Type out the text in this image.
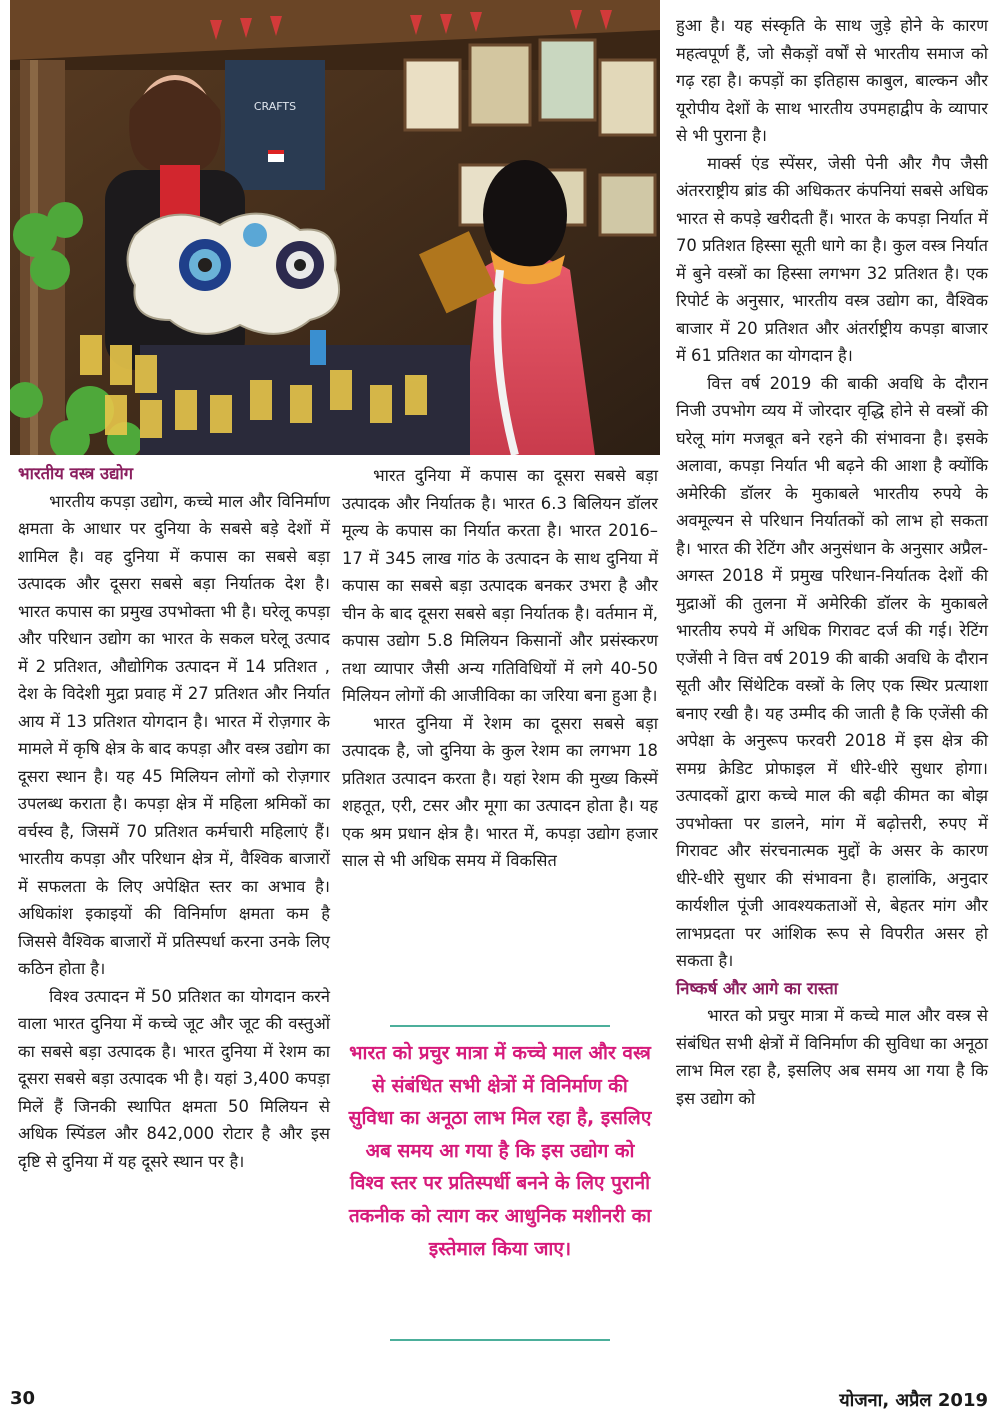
CRAFTS

भारतीय वस्त्र उद्योग

भारतीय कपड़ा उद्योग, कच्चे माल और विनिर्माण क्षमता के आधार पर दुनिया के सबसे बड़े देशों में शामिल है। वह दुनिया में कपास का सबसे बड़ा उत्पादक और दूसरा सबसे बड़ा निर्यातक देश है। भारत कपास का प्रमुख उपभोक्ता भी है। घरेलू कपड़ा और परिधान उद्योग का भारत के सकल घरेलू उत्पाद में 2 प्रतिशत, औद्योगिक उत्पादन में 14 प्रतिशत , देश के विदेशी मुद्रा प्रवाह में 27 प्रतिशत और निर्यात आय में 13 प्रतिशत योगदान है। भारत में रोज़गार के मामले में कृषि क्षेत्र के बाद कपड़ा और वस्त्र उद्योग का दूसरा स्थान है। यह 45 मिलियन लोगों को रोज़गार उपलब्ध कराता है। कपड़ा क्षेत्र में महिला श्रमिकों का वर्चस्व है, जिसमें 70 प्रतिशत कर्मचारी महिलाएं हैं। भारतीय कपड़ा और परिधान क्षेत्र में, वैश्विक बाजारों में सफलता के लिए अपेक्षित स्तर का अभाव है। अधिकांश इकाइयों की विनिर्माण क्षमता कम है जिससे वैश्विक बाजारों में प्रतिस्पर्धा करना उनके लिए कठिन होता है।

विश्व उत्पादन में 50 प्रतिशत का योगदान करने वाला भारत दुनिया में कच्चे जूट और जूट की वस्तुओं का सबसे बड़ा उत्पादक है। भारत दुनिया में रेशम का दूसरा सबसे बड़ा उत्पादक भी है। यहां 3,400 कपड़ा मिलें हैं जिनकी स्थापित क्षमता 50 मिलियन से अधिक स्पिंडल और 842,000 रोटार है और इस दृष्टि से दुनिया में यह दूसरे स्थान पर है।

भारत दुनिया में कपास का दूसरा सबसे बड़ा उत्पादक और निर्यातक है। भारत 6.3 बिलियन डॉलर मूल्य के कपास का निर्यात करता है। भारत 2016–17 में 345 लाख गांठ के उत्पादन के साथ दुनिया में कपास का सबसे बड़ा उत्पादक बनकर उभरा है और चीन के बाद दूसरा सबसे बड़ा निर्यातक है। वर्तमान में, कपास उद्योग 5.8 मिलियन किसानों और प्रसंस्करण तथा व्यापार जैसी अन्य गतिविधियों में लगे 40-50 मिलियन लोगों की आजीविका का जरिया बना हुआ है।

भारत दुनिया में रेशम का दूसरा सबसे बड़ा उत्पादक है, जो दुनिया के कुल रेशम का लगभग 18 प्रतिशत उत्पादन करता है। यहां रेशम की मुख्य किस्में शहतूत, एरी, टसर और मूगा का उत्पादन होता है। यह एक श्रम प्रधान क्षेत्र है। भारत में, कपड़ा उद्योग हजार साल से भी अधिक समय में विकसित

भारत को प्रचुर मात्रा में कच्चे माल और वस्त्र से संबंधित सभी क्षेत्रों में विनिर्माण की सुविधा का अनूठा लाभ मिल रहा है, इसलिए अब समय आ गया है कि इस उद्योग को विश्व स्तर पर प्रतिस्पर्धी बनने के लिए पुरानी तकनीक को त्याग कर आधुनिक मशीनरी का इस्तेमाल किया जाए।

हुआ है। यह संस्कृति के साथ जुड़े होने के कारण महत्वपूर्ण हैं, जो सैकड़ों वर्षों से भारतीय समाज को गढ़ रहा है। कपड़ों का इतिहास काबुल, बाल्कन और यूरोपीय देशों के साथ भारतीय उपमहाद्वीप के व्यापार से भी पुराना है।

मार्क्स एंड स्पेंसर, जेसी पेनी और गैप जैसी अंतरराष्ट्रीय ब्रांड की अधिकतर कंपनियां सबसे अधिक भारत से कपड़े खरीदती हैं। भारत के कपड़ा निर्यात में 70 प्रतिशत हिस्सा सूती धागे का है। कुल वस्त्र निर्यात में बुने वस्त्रों का हिस्सा लगभग 32 प्रतिशत है। एक रिपोर्ट के अनुसार, भारतीय वस्त्र उद्योग का, वैश्विक बाजार में 20 प्रतिशत और अंतर्राष्ट्रीय कपड़ा बाजार में 61 प्रतिशत का योगदान है।

वित्त वर्ष 2019 की बाकी अवधि के दौरान निजी उपभोग व्यय में जोरदार वृद्धि होने से वस्त्रों की घरेलू मांग मजबूत बने रहने की संभावना है। इसके अलावा, कपड़ा निर्यात भी बढ़ने की आशा है क्योंकि अमेरिकी डॉलर के मुकाबले भारतीय रुपये के अवमूल्यन से परिधान निर्यातकों को लाभ हो सकता है। भारत की रेटिंग और अनुसंधान के अनुसार अप्रैल-अगस्त 2018 में प्रमुख परिधान-निर्यातक देशों की मुद्राओं की तुलना में अमेरिकी डॉलर के मुकाबले भारतीय रुपये में अधिक गिरावट दर्ज की गई। रेटिंग एजेंसी ने वित्त वर्ष 2019 की बाकी अवधि के दौरान सूती और सिंथेटिक वस्त्रों के लिए एक स्थिर प्रत्याशा बनाए रखी है। यह उम्मीद की जाती है कि एजेंसी की अपेक्षा के अनुरूप फरवरी 2018 में इस क्षेत्र की समग्र क्रेडिट प्रोफाइल में धीरे-धीरे सुधार होगा। उत्पादकों द्वारा कच्चे माल की बढ़ी कीमत का बोझ उपभोक्ता पर डालने, मांग में बढ़ोत्तरी, रुपए में गिरावट और संरचनात्मक मुद्दों के असर के कारण धीरे-धीरे सुधार की संभावना है। हालांकि, अनुदार कार्यशील पूंजी आवश्यकताओं से, बेहतर मांग और लाभप्रदता पर आंशिक रूप से विपरीत असर हो सकता है।

निष्कर्ष और आगे का रास्ता

भारत को प्रचुर मात्रा में कच्चे माल और वस्त्र से संबंधित सभी क्षेत्रों में विनिर्माण की सुविधा का अनूठा लाभ मिल रहा है, इसलिए अब समय आ गया है कि इस उद्योग को

30	योजना, अप्रैल 2019
